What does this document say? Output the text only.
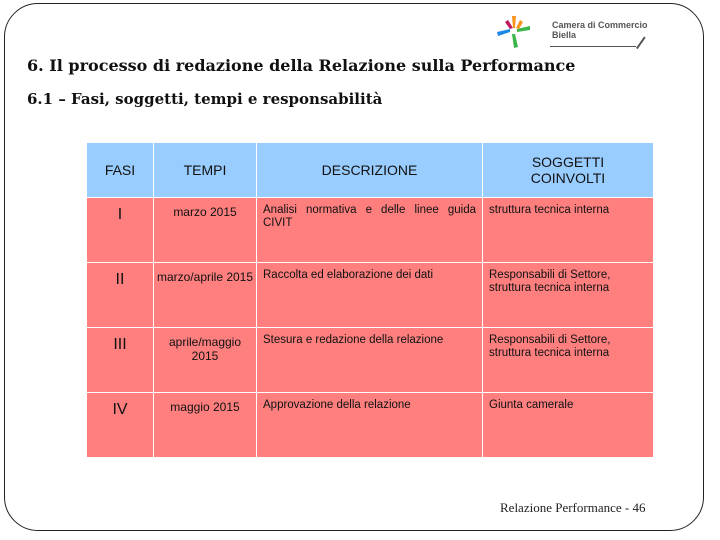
Camera di Commercio
Biella
6. Il processo di redazione della Relazione sulla Performance
6.1 – Fasi, soggetti, tempi e responsabilità
FASI	TEMPI	DESCRIZIONE	SOGGETTI COINVOLTI
I	marzo 2015	Analisi normativa e delle linee guida CIVIT	struttura tecnica interna
II	marzo/aprile 2015	Raccolta ed elaborazione dei dati	Responsabili di Settore, struttura tecnica interna
III	aprile/maggio 2015	Stesura e redazione della relazione	Responsabili di Settore, struttura tecnica interna
IV	maggio 2015	Approvazione della relazione	Giunta camerale
Relazione Performance - 46
